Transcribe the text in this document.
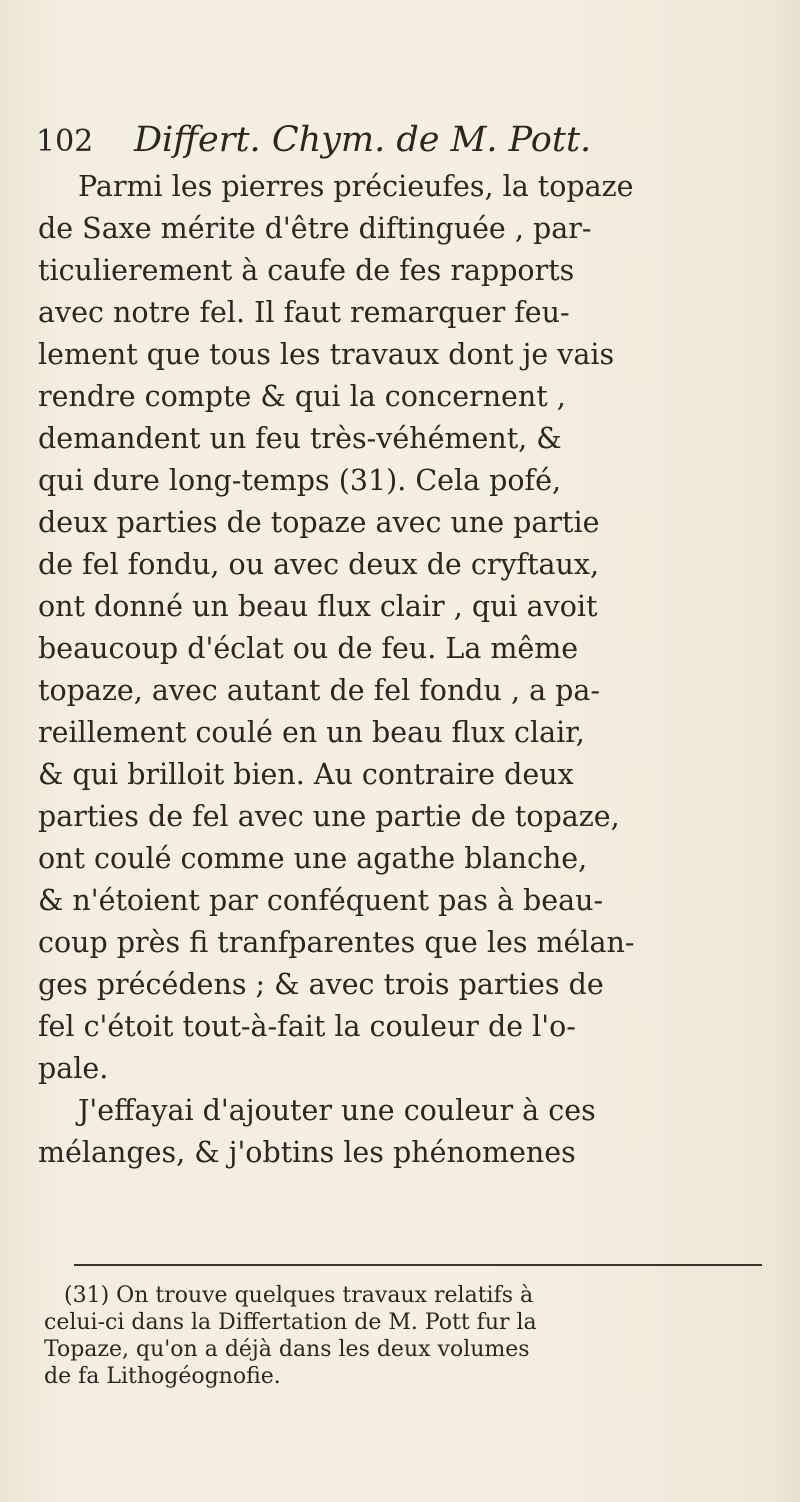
102 Differt. Chym. de M. Pott.
Parmi les pierres précieufes, la topaze
de Saxe mérite d'être diftinguée , par-
ticulierement à caufe de fes rapports
avec notre fel. Il faut remarquer feu-
lement que tous les travaux dont je vais
rendre compte & qui la concernent ,
demandent un feu très-véhément, &
qui dure long-temps (31). Cela pofé,
deux parties de topaze avec une partie
de fel fondu, ou avec deux de cryftaux,
ont donné un beau flux clair , qui avoit
beaucoup d'éclat ou de feu. La même
topaze, avec autant de fel fondu , a pa-
reillement coulé en un beau flux clair,
& qui brilloit bien. Au contraire deux
parties de fel avec une partie de topaze,
ont coulé comme une agathe blanche,
& n'étoient par conféquent pas à beau-
coup près fi tranfparentes que les mélan-
ges précédens ; & avec trois parties de
fel c'étoit tout-à-fait la couleur de l'o-
pale.
J'effayai d'ajouter une couleur à ces
mélanges, & j'obtins les phénomenes
(31) On trouve quelques travaux relatifs à
celui-ci dans la Differtation de M. Pott fur la
Topaze, qu'on a déjà dans les deux volumes
de fa Lithogéognofie.
